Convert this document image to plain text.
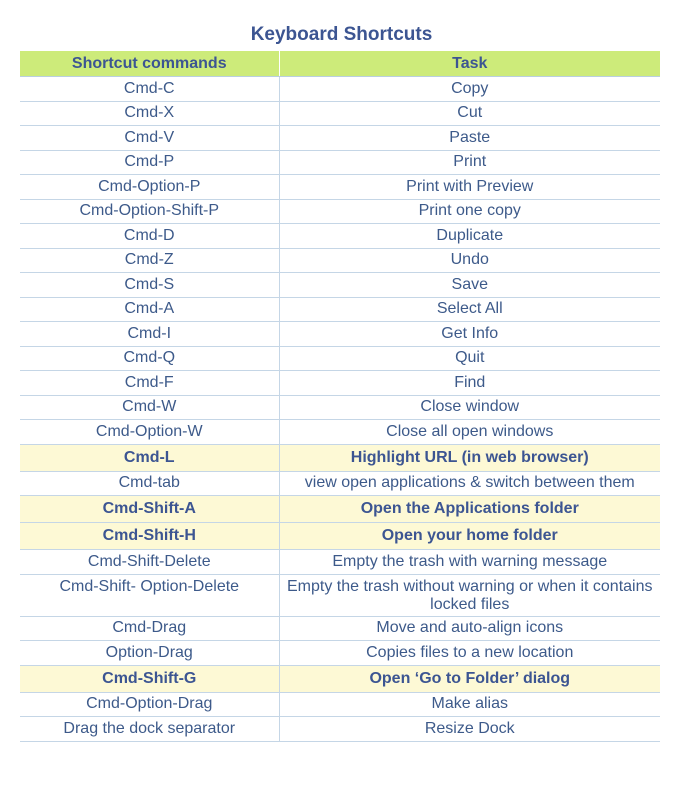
Keyboard Shortcuts
Shortcut commands	Task
Cmd-C	Copy
Cmd-X	Cut
Cmd-V	Paste
Cmd-P	Print
Cmd-Option-P	Print with Preview
Cmd-Option-Shift-P	Print one copy
Cmd-D	Duplicate
Cmd-Z	Undo
Cmd-S	Save
Cmd-A	Select All
Cmd-I	Get Info
Cmd-Q	Quit
Cmd-F	Find
Cmd-W	Close window
Cmd-Option-W	Close all open windows
Cmd-L	Highlight URL (in web browser)
Cmd-tab	view open applications & switch between them
Cmd-Shift-A	Open the Applications folder
Cmd-Shift-H	Open your home folder
Cmd-Shift-Delete	Empty the trash with warning message
Cmd-Shift- Option-Delete	Empty the trash without warning or when it contains locked files
Cmd-Drag	Move and auto-align icons
Option-Drag	Copies files to a new location
Cmd-Shift-G	Open ‘Go to Folder’ dialog
Cmd-Option-Drag	Make alias
Drag the dock separator	Resize Dock
